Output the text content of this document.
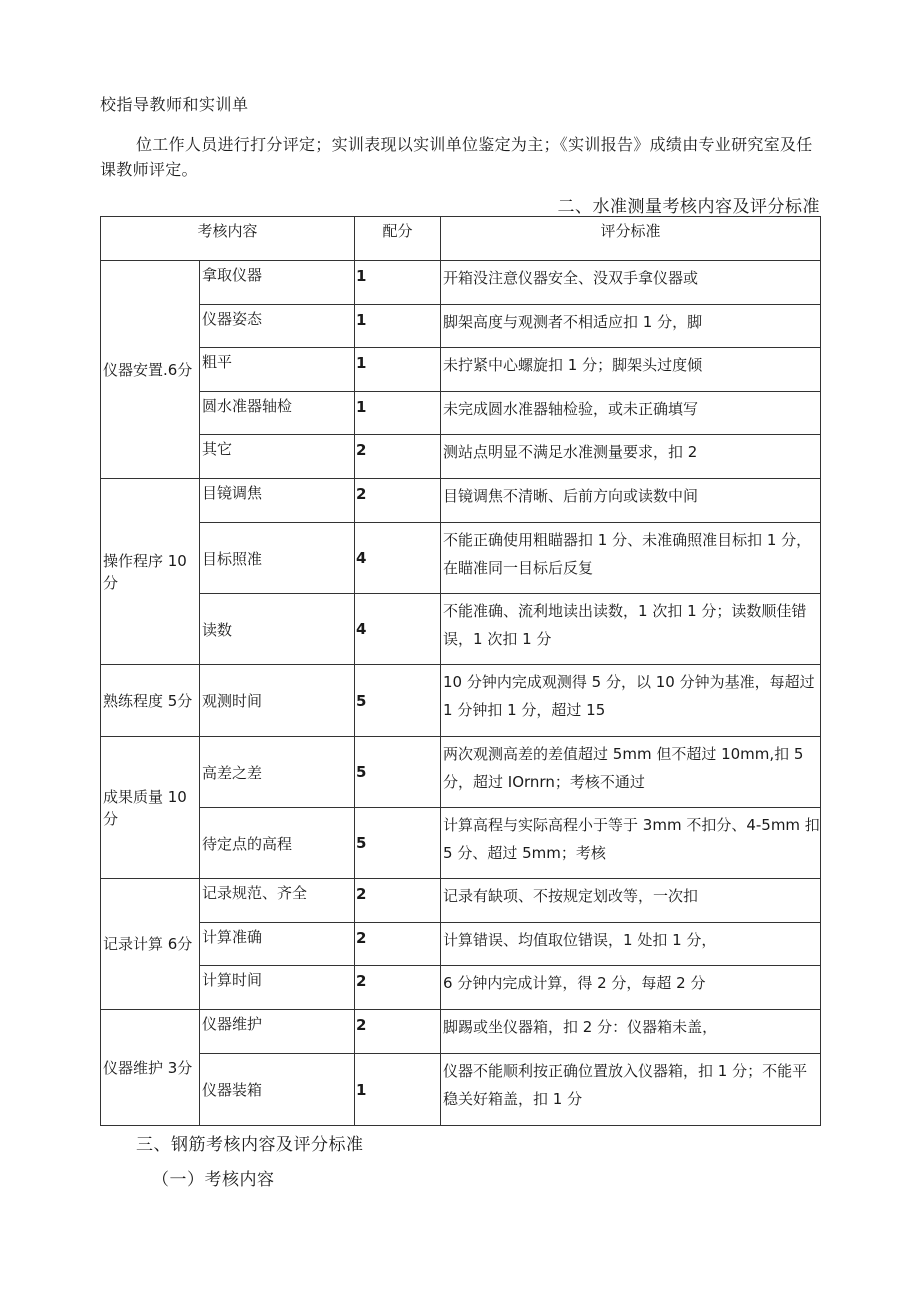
校指导教师和实训单
位工作人员进行打分评定；实训表现以实训单位鉴定为主；《实训报告》成绩由专业研究室及任课教师评定。
二、水准测量考核内容及评分标准
考核内容		配分	评分标准
仪器安置.6分	拿取仪器	1	开箱没注意仪器安全、没双手拿仪器或
	仪器姿态	1	脚架高度与观测者不相适应扣 1 分，脚
	粗平	1	未拧紧中心螺旋扣 1 分；脚架头过度倾
	圆水准器轴检	1	未完成圆水准器轴检验，或未正确填写
	其它	2	测站点明显不满足水准测量要求，扣 2
操作程序 10分	目镜调焦	2	目镜调焦不清晰、后前方向或读数中间
	目标照准	4	不能正确使用粗瞄器扣 1 分、未准确照准目标扣 1 分，在瞄准同一目标后反复
	读数	4	不能准确、流利地读出读数，1 次扣 1 分；读数顺佳错误，1 次扣 1 分
熟练程度 5分	观测时间	5	10 分钟内完成观测得 5 分，以 10 分钟为基准，每超过 1 分钟扣 1 分，超过 15
成果质量 10分	高差之差	5	两次观测高差的差值超过 5mm 但不超过 10mm,扣 5 分，超过 IOrnrn；考核不通过
	待定点的高程	5	计算高程与实际高程小于等于 3mm 不扣分、4-5mm 扣 5 分、超过 5mm；考核
记录计算 6分	记录规范、齐全	2	记录有缺项、不按规定划改等，一次扣
	计算准确	2	计算错误、均值取位错误，1 处扣 1 分，
	计算时间	2	6 分钟内完成计算，得 2 分，每超 2 分
仪器维护 3分	仪器维护	2	脚踢或坐仪器箱，扣 2 分：仪器箱未盖，
	仪器装箱	1	仪器不能顺利按正确位置放入仪器箱，扣 1 分；不能平稳关好箱盖，扣 1 分
三、钢筋考核内容及评分标准
（一）考核内容
